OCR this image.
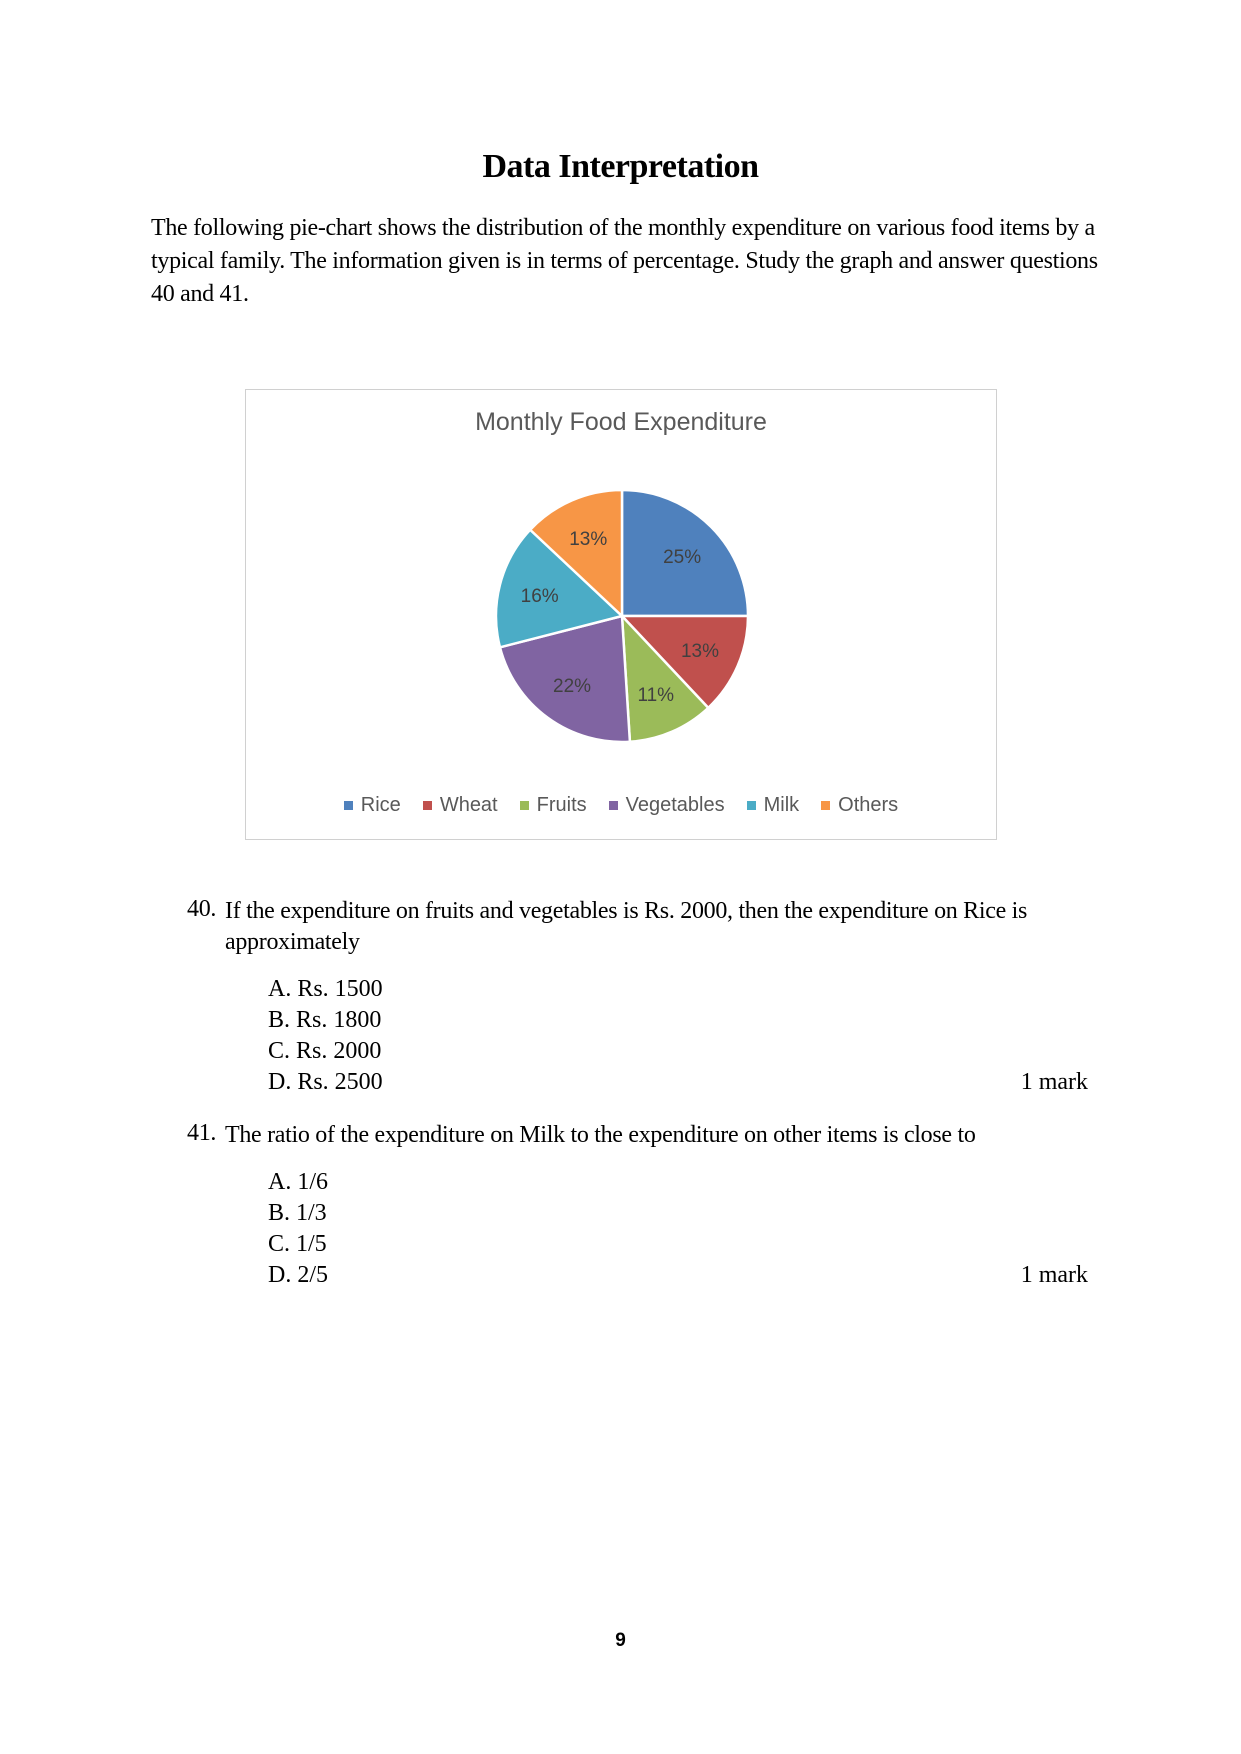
Data Interpretation
The following pie-chart shows the distribution of the monthly expenditure on various food items by a typical family. The information given is in terms of percentage. Study the graph and answer questions 40 and 41.
Monthly Food Expenditure
25%
13%
11%
22%
16%
13%
Rice Wheat Fruits Vegetables Milk Others
40. If the expenditure on fruits and vegetables is Rs. 2000, then the expenditure on Rice is approximately
A. Rs. 1500
B. Rs. 1800
C. Rs. 2000
D. Rs. 2500	1 mark
41. The ratio of the expenditure on Milk to the expenditure on other items is close to
A. 1/6
B. 1/3
C. 1/5
D. 2/5	1 mark
9
